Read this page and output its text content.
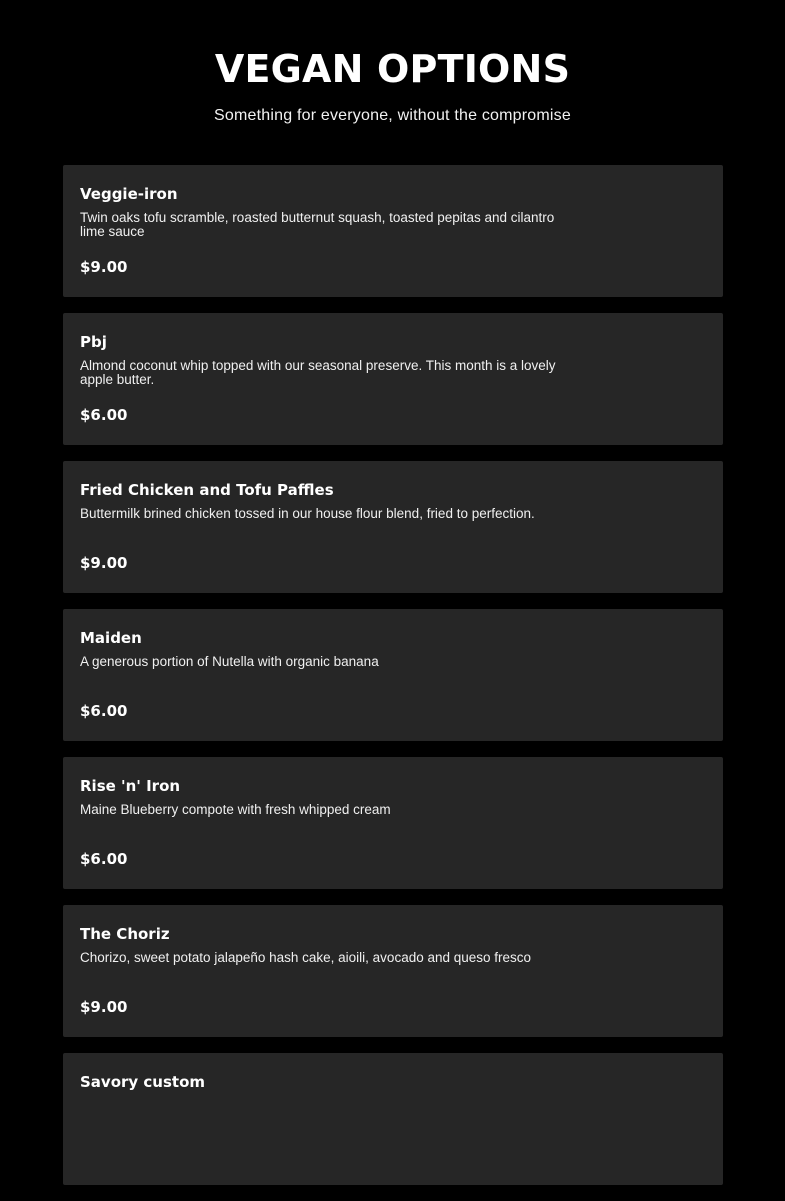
VEGAN OPTIONS

Something for everyone, without the compromise

Veggie-iron
Twin oaks tofu scramble, roasted butternut squash, toasted pepitas and cilantro lime sauce
$9.00
Pbj
Almond coconut whip topped with our seasonal preserve. This month is a lovely apple butter.
$6.00
Fried Chicken and Tofu Paffles
Buttermilk brined chicken tossed in our house flour blend, fried to perfection.
$9.00
Maiden
A generous portion of Nutella with organic banana
$6.00
Rise 'n' Iron
Maine Blueberry compote with fresh whipped cream
$6.00
The Choriz
Chorizo, sweet potato jalapeño hash cake, aioili, avocado and queso fresco
$9.00
Savory custom
